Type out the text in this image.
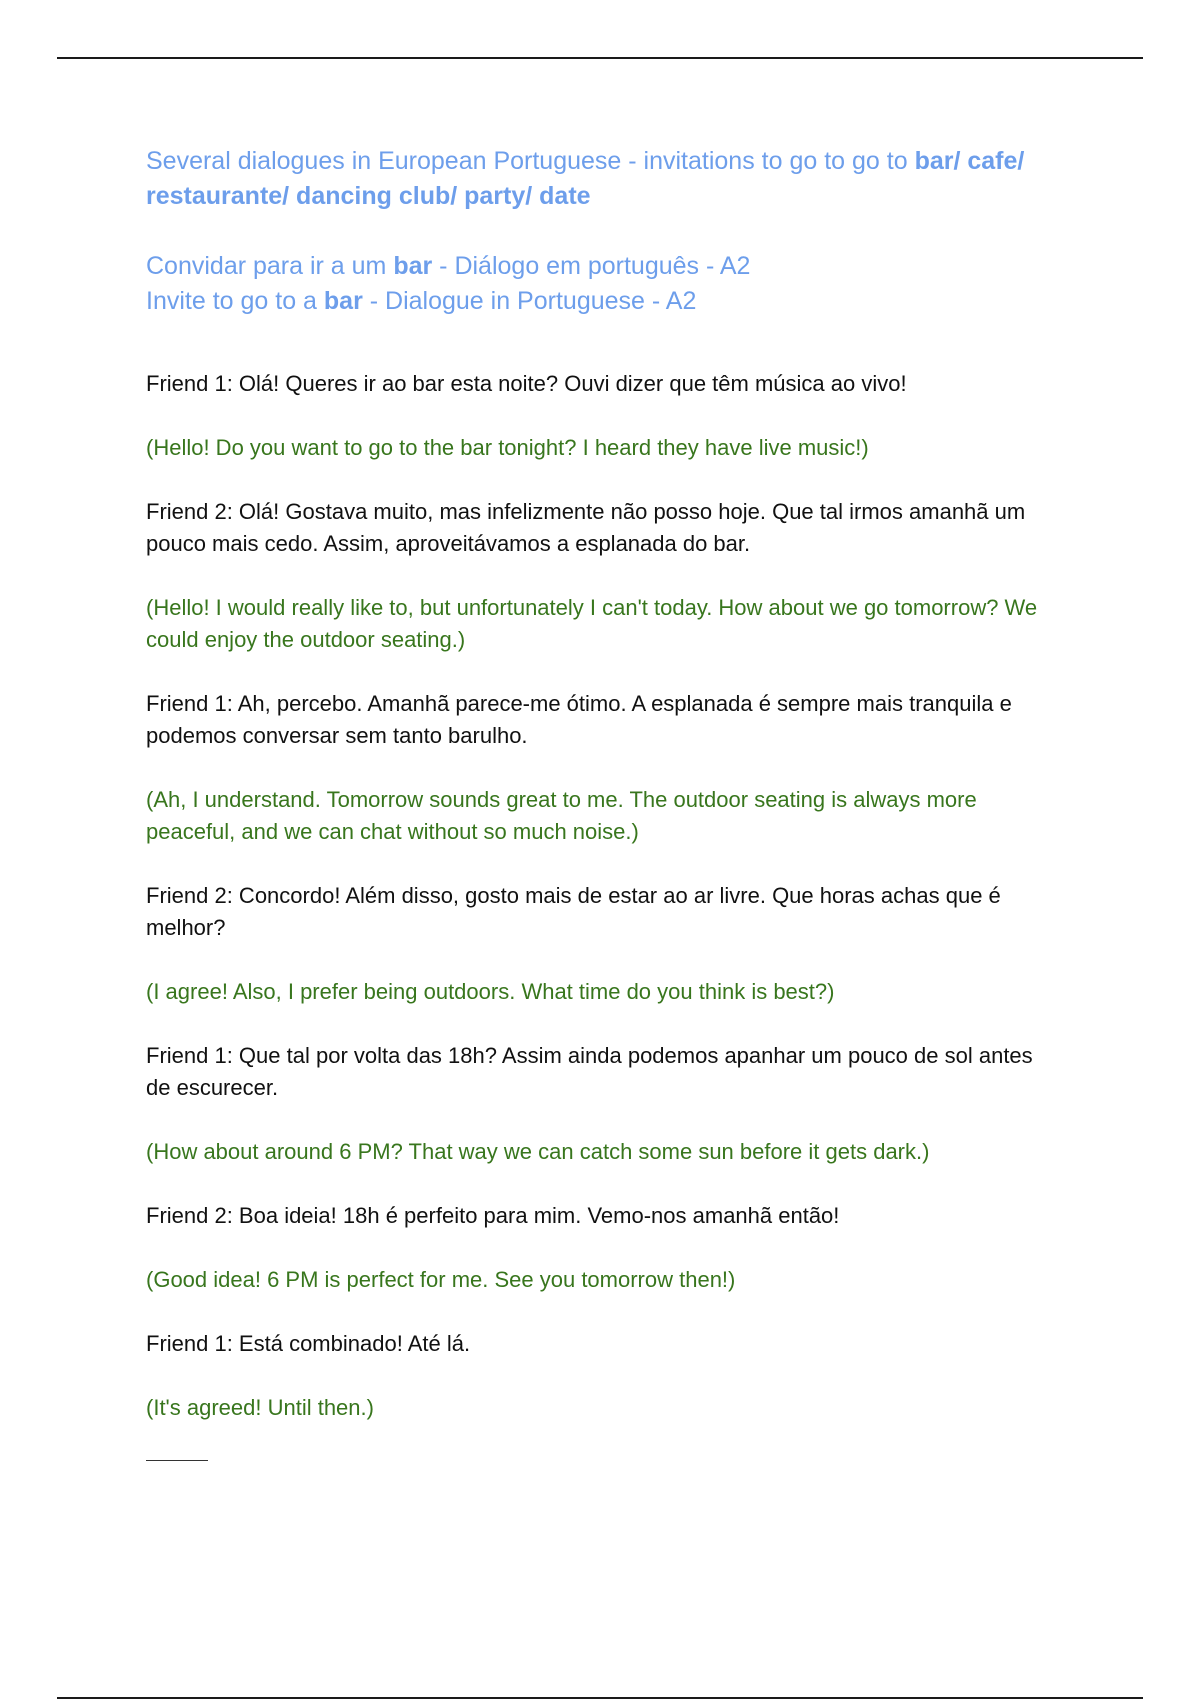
Several dialogues in European Portuguese - invitations to go to go to bar/ cafe/ restaurante/ dancing club/ party/ date
Convidar para ir a um bar - Diálogo em português - A2
Invite to go to a bar - Dialogue in Portuguese - A2

Friend 1: Olá! Queres ir ao bar esta noite? Ouvi dizer que têm música ao vivo!

(Hello! Do you want to go to the bar tonight? I heard they have live music!)

Friend 2: Olá! Gostava muito, mas infelizmente não posso hoje. Que tal irmos amanhã um pouco mais cedo. Assim, aproveitávamos a esplanada do bar.

(Hello! I would really like to, but unfortunately I can't today. How about we go tomorrow? We could enjoy the outdoor seating.)

Friend 1: Ah, percebo. Amanhã parece-me ótimo. A esplanada é sempre mais tranquila e podemos conversar sem tanto barulho.

(Ah, I understand. Tomorrow sounds great to me. The outdoor seating is always more peaceful, and we can chat without so much noise.)

Friend 2: Concordo! Além disso, gosto mais de estar ao ar livre. Que horas achas que é melhor?

(I agree! Also, I prefer being outdoors. What time do you think is best?)

Friend 1: Que tal por volta das 18h? Assim ainda podemos apanhar um pouco de sol antes de escurecer.

(How about around 6 PM? That way we can catch some sun before it gets dark.)

Friend 2: Boa ideia! 18h é perfeito para mim. Vemo-nos amanhã então!

(Good idea! 6 PM is perfect for me. See you tomorrow then!)

Friend 1: Está combinado! Até lá.

(It's agreed! Until then.)
